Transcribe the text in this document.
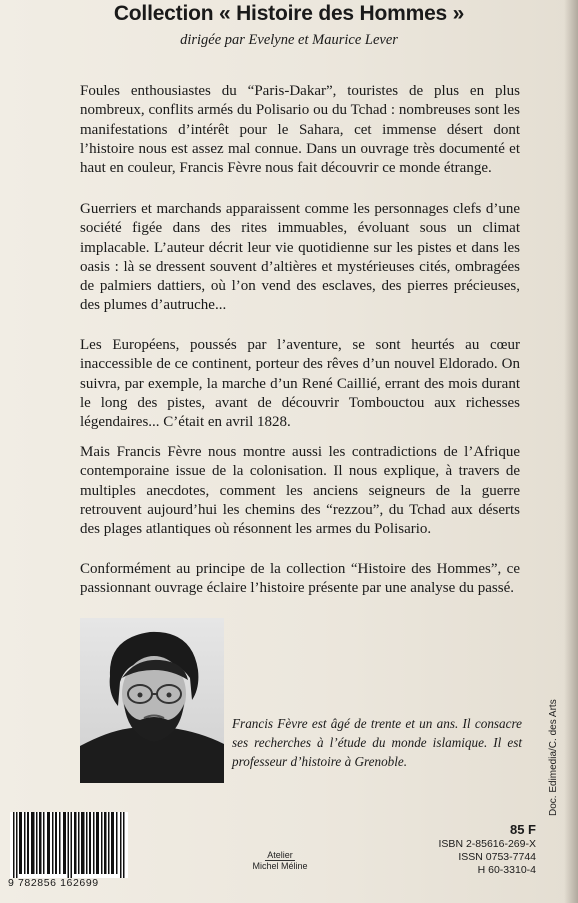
Collection « Histoire des Hommes »
dirigée par Evelyne et Maurice Lever

Foules enthousiastes du “Paris-Dakar”, touristes de plus en plus nombreux, conflits armés du Polisario ou du Tchad : nombreuses sont les manifestations d’intérêt pour le Sahara, cet immense désert dont l’histoire nous est assez mal connue. Dans un ouvrage très documenté et haut en couleur, Francis Fèvre nous fait découvrir ce monde étrange.

Guerriers et marchands apparaissent comme les personnages clefs d’une société figée dans des rites immuables, évoluant sous un climat implacable. L’auteur décrit leur vie quotidienne sur les pistes et dans les oasis : là se dressent souvent d’altières et mystérieuses cités, ombragées de palmiers dattiers, où l’on vend des esclaves, des pierres précieuses, des plumes d’autruche...

Les Européens, poussés par l’aventure, se sont heurtés au cœur inaccessible de ce continent, porteur des rêves d’un nouvel Eldorado. On suivra, par exemple, la marche d’un René Caillié, errant des mois durant le long des pistes, avant de découvrir Tombouctou aux richesses légendaires... C’était en avril 1828.

Mais Francis Fèvre nous montre aussi les contradictions de l’Afrique contemporaine issue de la colonisation. Il nous explique, à travers de multiples anecdotes, comment les anciens seigneurs de la guerre retrouvent aujourd’hui les chemins des “rezzou”, du Tchad aux déserts des plages atlantiques où résonnent les armes du Polisario.

Conformément au principe de la collection “Histoire des Hommes”, ce passionnant ouvrage éclaire l’histoire présente par une analyse du passé.

Francis Fèvre est âgé de trente et un ans. Il consacre ses recherches à l’étude du monde islamique. Il est professeur d’histoire à Grenoble.	Doc. Edimedia/C. des Arts
9 782856 162699
Atelier
Michel Méline
85 F
ISBN 2-85616-269-X
ISSN 0753-7744
H 60-3310-4
